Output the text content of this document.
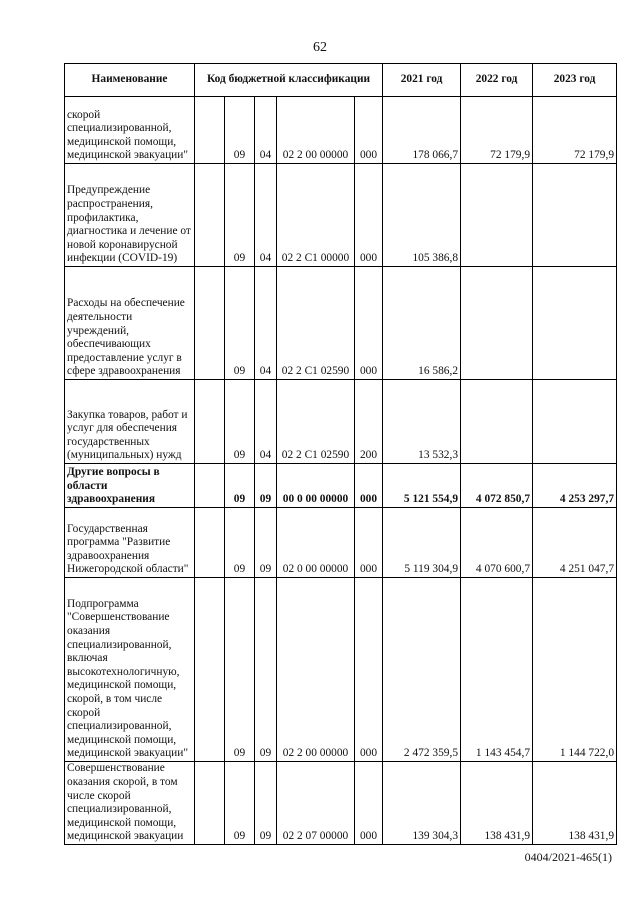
62
Наименование	Код бюджетной классификации					2021 год	2022 год	2023 год
скорой специализированной, медицинской помощи, медицинской эвакуации"		09	04	02 2 00 00000	000	178 066,7	72 179,9	72 179,9
Предупреждение распространения, профилактика, диагностика и лечение от новой коронавирусной инфекции (COVID-19)		09	04	02 2 С1 00000	000	105 386,8		
Расходы на обеспечение деятельности учреждений, обеспечивающих предоставление услуг в сфере здравоохранения		09	04	02 2 С1 02590	000	16 586,2		
Закупка товаров, работ и услуг для обеспечения государственных (муниципальных) нужд		09	04	02 2 С1 02590	200	13 532,3		
Другие вопросы в области здравоохранения		09	09	00 0 00 00000	000	5 121 554,9	4 072 850,7	4 253 297,7
Государственная программа "Развитие здравоохранения Нижегородской области"		09	09	02 0 00 00000	000	5 119 304,9	4 070 600,7	4 251 047,7
Подпрограмма "Совершенствование оказания специализированной, включая высокотехнологичную, медицинской помощи, скорой, в том числе скорой специализированной, медицинской помощи, медицинской эвакуации"		09	09	02 2 00 00000	000	2 472 359,5	1 143 454,7	1 144 722,0
Совершенствование оказания скорой, в том числе скорой специализированной, медицинской помощи, медицинской эвакуации		09	09	02 2 07 00000	000	139 304,3	138 431,9	138 431,9
0404/2021-465(1)
